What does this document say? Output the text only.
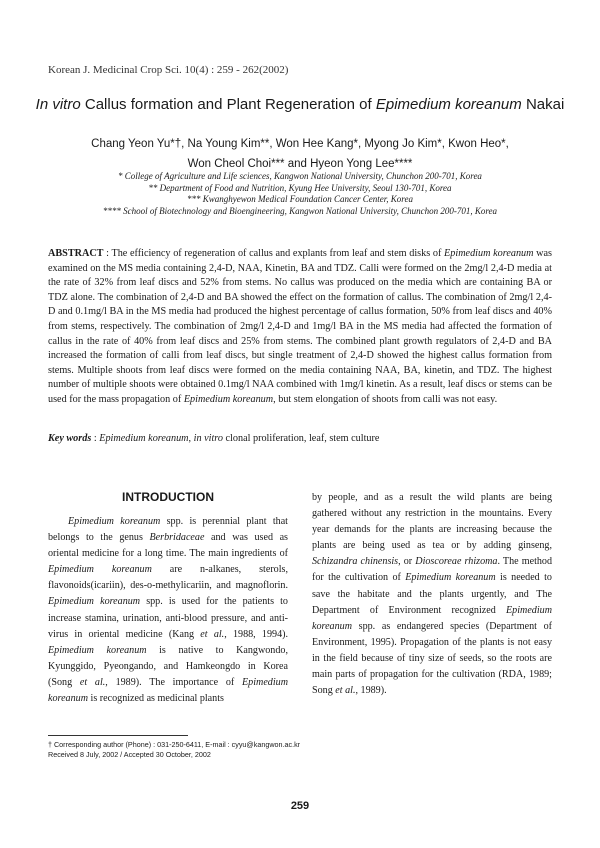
Korean J. Medicinal Crop Sci. 10(4) : 259 - 262(2002)
In vitro Callus formation and Plant Regeneration of Epimedium koreanum Nakai
Chang Yeon Yu*†, Na Young Kim**, Won Hee Kang*, Myong Jo Kim*, Kwon Heo*,
Won Cheol Choi*** and Hyeon Yong Lee****
* College of Agriculture and Life sciences, Kangwon National University, Chunchon 200-701, Korea
** Department of Food and Nutrition, Kyung Hee University, Seoul 130-701, Korea
*** Kwanghyewon Medical Foundation Cancer Center, Korea
**** School of Biotechnology and Bioengineering, Kangwon National University, Chunchon 200-701, Korea

ABSTRACT : The efficiency of regeneration of callus and explants from leaf and stem disks of Epimedium koreanum was examined on the MS media containing 2,4-D, NAA, Kinetin, BA and TDZ. Calli were formed on the 2mg/l 2,4-D media at the rate of 32% from leaf discs and 52% from stems. No callus was produced on the media which are containing BA or TDZ alone. The combination of 2,4-D and BA showed the effect on the formation of callus. The combination of 2mg/l 2,4-D and 0.1mg/l BA in the MS media had produced the highest percentage of callus formation, 50% from leaf discs and 40% from stems, respectively. The combination of 2mg/l 2,4-D and 1mg/l BA in the MS media had affected the formation of callus in the rate of 40% from leaf discs and 25% from stems. The combined plant growth regulators of 2,4-D and BA increased the formation of calli from leaf discs, but single treatment of 2,4-D showed the highest callus formation from stems. Multiple shoots from leaf discs were formed on the media containing NAA, BA, kinetin, and TDZ. The highest number of multiple shoots were obtained 0.1mg/l NAA combined with 1mg/l kinetin. As a result, leaf discs or stems can be used for the mass propagation of Epimedium koreanum, but stem elongation of shoots from calli was not easy.

Key words : Epimedium koreanum, in vitro clonal proliferation, leaf, stem culture

INTRODUCTION

Epimedium koreanum spp. is perennial plant that belongs to the genus Berbridaceae and was used as oriental medicine for a long time. The main ingredients of Epimedium koreanum are n-alkanes, sterols, flavonoids(icariin), des-o-methylicariin, and magnoflorin. Epimedium koreanum spp. is used for the patients to increase stamina, urination, anti-blood pressure, and anti-virus in oriental medicine (Kang et al., 1988, 1994). Epimedium koreanum is native to Kangwondo, Kyunggido, Pyeongando, and Hamkeongdo in Korea (Song et al., 1989). The importance of Epimedium koreanum is recognized as medicinal plants

by people, and as a result the wild plants are being gathered without any restriction in the mountains. Every year demands for the plants are increasing because the plants are being used as tea or by adding ginseng, Schizandra chinensis, or Dioscoreae rhizoma. The method for the cultivation of Epimedium koreanum is needed to save the habitate and the plants urgently, and The Department of Environment recognized Epimedium koreanum spp. as endangered species (Department of Environment, 1995). Propagation of the plants is not easy in the field because of tiny size of seeds, so the roots are main parts of propagation for the cultivation (RDA, 1989; Song et al., 1989).

† Corresponding author (Phone) : 031-250-6411, E-mail : cyyu@kangwon.ac.kr
Received 8 July, 2002 / Accepted 30 October, 2002
259
